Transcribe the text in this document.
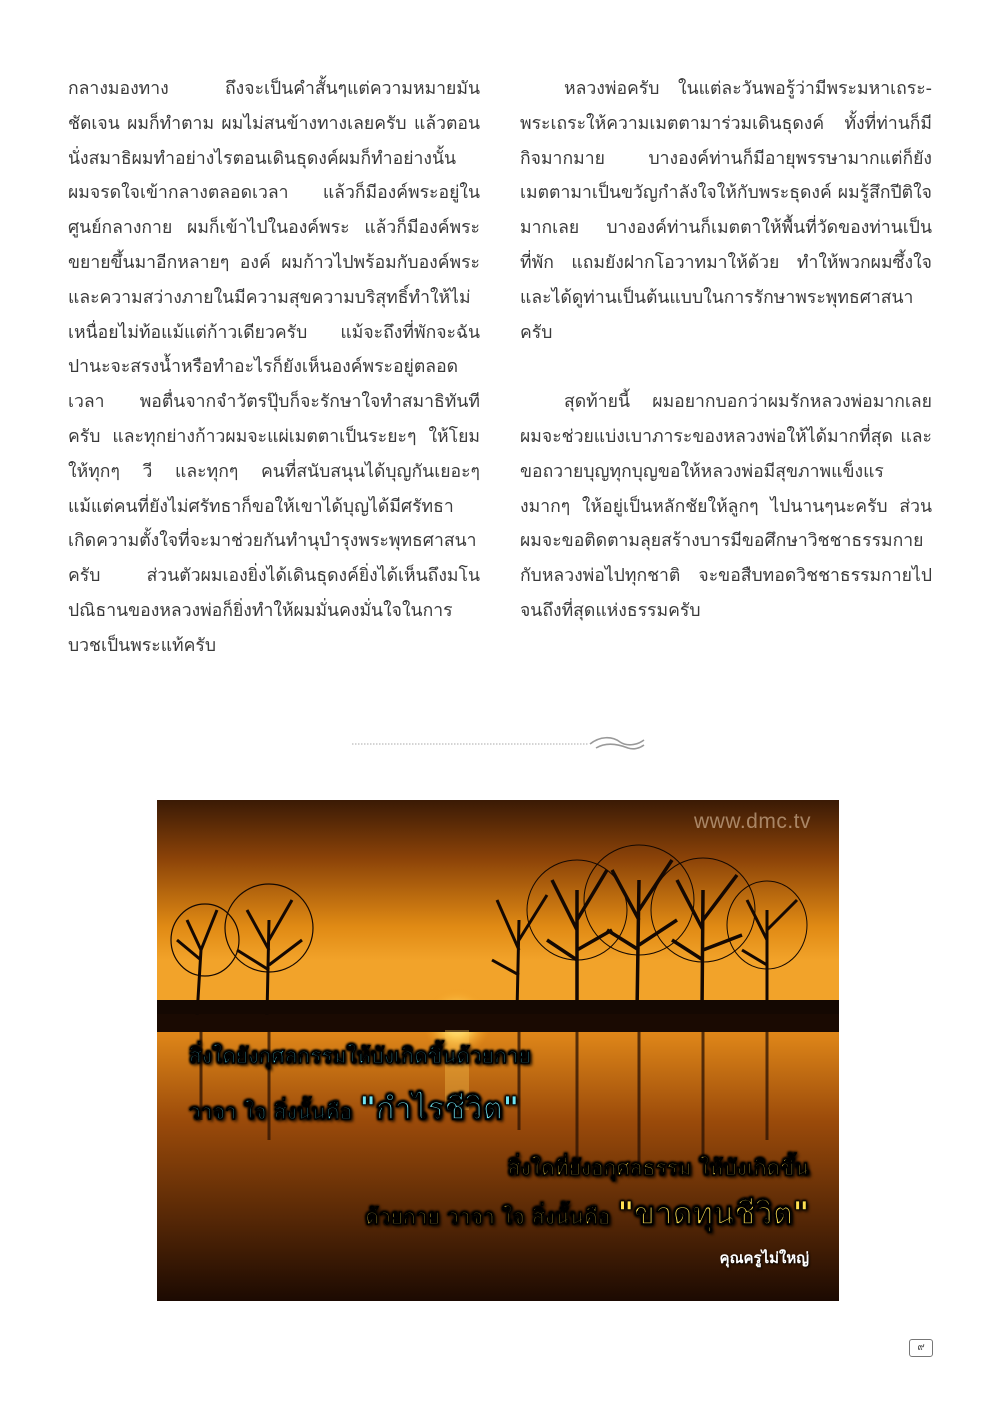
กลางมองทาง ถึงจะเป็นคำสั้นๆแต่ความหมายมันชัดเจน ผมก็ทำตาม ผมไม่สนข้างทางเลยครับ แล้วตอนนั่งสมาธิผมทำอย่างไรตอนเดินธุดงค์ผมก็ทำอย่างนั้น ผมจรดใจเข้ากลางตลอดเวลา แล้วก็มีองค์พระอยู่ในศูนย์กลางกาย ผมก็เข้าไปในองค์พระ แล้วก็มีองค์พระขยายขึ้นมาอีกหลายๆ องค์ ผมก้าวไปพร้อมกับองค์พระและความสว่างภายในมีความสุขความบริสุทธิ์ทำให้ไม่เหนื่อยไม่ท้อแม้แต่ก้าวเดียวครับ แม้จะถึงที่พักจะฉันปานะจะสรงน้ำหรือทำอะไรก็ยังเห็นองค์พระอยู่ตลอดเวลา พอตื่นจากจำวัตรปุ๊บก็จะรักษาใจทำสมาธิทันทีครับ และทุกย่างก้าวผมจะแผ่เมตตาเป็นระยะๆ ให้โยม ให้ทุกๆ วี และทุกๆ คนที่สนับสนุนได้บุญกันเยอะๆ แม้แต่คนที่ยังไม่ศรัทธาก็ขอให้เขาได้บุญได้มีศรัทธา เกิดความตั้งใจที่จะมาช่วยกันทำนุบำรุงพระพุทธศาสนาครับ ส่วนตัวผมเองยิ่งได้เดินธุดงค์ยิ่งได้เห็นถึงมโนปณิธานของหลวงพ่อก็ยิ่งทำให้ผมมั่นคงมั่นใจในการบวชเป็นพระแท้ครับ

หลวงพ่อครับ ในแต่ละวันพอรู้ว่ามีพระมหาเถระ-พระเถระให้ความเมตตามาร่วมเดินธุดงค์ ทั้งที่ท่านก็มีกิจมากมาย บางองค์ท่านก็มีอายุพรรษามากแต่ก็ยังเมตตามาเป็นขวัญกำลังใจให้กับพระธุดงค์ ผมรู้สึกปีติใจมากเลย บางองค์ท่านก็เมตตาให้พื้นที่วัดของท่านเป็นที่พัก แถมยังฝากโอวาทมาให้ด้วย ทำให้พวกผมซึ้งใจ และได้ดูท่านเป็นต้นแบบในการรักษาพระพุทธศาสนาครับ

สุดท้ายนี้ ผมอยากบอกว่าผมรักหลวงพ่อมากเลย ผมจะช่วยแบ่งเบาภาระของหลวงพ่อให้ได้มากที่สุด และขอถวายบุญทุกบุญขอให้หลวงพ่อมีสุขภาพแข็งแรงมากๆ ให้อยู่เป็นหลักชัยให้ลูกๆ ไปนานๆนะครับ ส่วนผมจะขอติดตามลุยสร้างบารมีขอศึกษาวิชชาธรรมกายกับหลวงพ่อไปทุกชาติ จะขอสืบทอดวิชชาธรรมกายไปจนถึงที่สุดแห่งธรรมครับ

www.dmc.tv
สิ่งใดยังกุศลกรรมให้บังเกิดขึ้นด้วยกาย
วาจา ใจ สิ่งนั้นคือ "กำไรชีวิต"
สิ่งใดที่ยังอกุศลธรรม ให้บังเกิดขึ้น
ด้วยกาย วาจา ใจ สิ่งนั้นคือ "ขาดทุนชีวิต"
คุณครูไม่ใหญ่
๙
